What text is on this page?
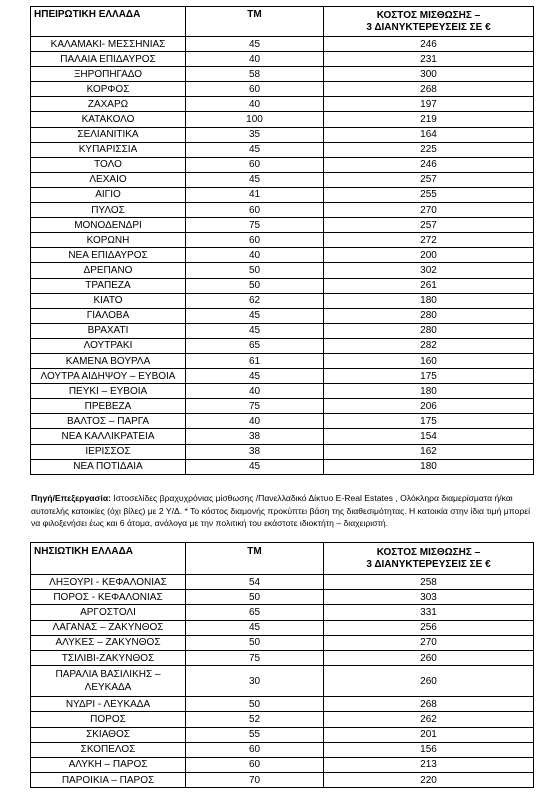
ΗΠΕΙΡΩΤΙΚΗ ΕΛΛΑΔΑ	ΤΜ	ΚΟΣΤΟΣ ΜΙΣΘΩΣΗΣ –
3 ΔΙΑΝΥΚΤΕΡΕΥΣΕΙΣ ΣΕ €
ΚΑΛΑΜΑΚΙ- ΜΕΣΣΗΝΙΑΣ	45	246
ΠΑΛΑΙΑ ΕΠΙΔΑΥΡΟΣ	40	231
ΞΗΡΟΠΗΓΑΔΟ	58	300
ΚΟΡΦΟΣ	60	268
ΖΑΧΑΡΩ	40	197
ΚΑΤΑΚΟΛΟ	100	219
ΣΕΛΙΑΝΙΤΙΚΑ	35	164
ΚΥΠΑΡΙΣΣΙΑ	45	225
ΤΟΛΟ	60	246
ΛΕΧΑΙΟ	45	257
ΑΙΓΙΟ	41	255
ΠΥΛΟΣ	60	270
ΜΟΝΟΔΕΝΔΡΙ	75	257
ΚΟΡΩΝΗ	60	272
ΝΕΑ ΕΠΙΔΑΥΡΟΣ	40	200
ΔΡΕΠΑΝΟ	50	302
ΤΡΑΠΕΖΑ	50	261
ΚΙΑΤΟ	62	180
ΓΙΑΛΟΒΑ	45	280
ΒΡΑΧΑΤΙ	45	280
ΛΟΥΤΡΑΚΙ	65	282
ΚΑΜΕΝΑ ΒΟΥΡΛΑ	61	160
ΛΟΥΤΡΑ ΑΙΔΗΨΟΥ – ΕΥΒΟΙΑ	45	175
ΠΕΥΚΙ – ΕΥΒΟΙΑ	40	180
ΠΡΕΒΕΖΑ	75	206
ΒΑΛΤΟΣ – ΠΑΡΓΑ	40	175
ΝΕΑ ΚΑΛΛΙΚΡΑΤΕΙΑ	38	154
ΙΕΡΙΣΣΟΣ	38	162
ΝΕΑ ΠΟΤΙΔΑΙΑ	45	180
Πηγή/Επεξεργασία: Ιστοσελίδες βραχυχρόνιας μίσθωσης /Πανελλαδικό Δίκτυο E-Real Estates , Ολόκληρα διαμερίσματα ή/και αυτοτελής κατοικίες (όχι βίλες) με 2 Υ/Δ. * Το κόστος διαμονής προκύπτει βάση της διαθεσιμότητας. Η κατοικία στην ίδια τιμή μπορεί να φιλοξενήσει έως και 6 άτομα, ανάλογα με την πολιτική του εκάστοτε ιδιοκτήτη – διαχειριστή.
ΝΗΣΙΩΤΙΚΗ ΕΛΛΑΔΑ	ΤΜ	ΚΟΣΤΟΣ ΜΙΣΘΩΣΗΣ –
3 ΔΙΑΝΥΚΤΕΡΕΥΣΕΙΣ ΣΕ €
ΛΗΞΟΥΡΙ - ΚΕΦΑΛΟΝΙΑΣ	54	258
ΠΟΡΟΣ - ΚΕΦΑΛΟΝΙΑΣ	50	303
ΑΡΓΟΣΤΟΛΙ	65	331
ΛΑΓΑΝΑΣ – ΖΑΚΥΝΘΟΣ	45	256
ΑΛΥΚΕΣ – ΖΑΚΥΝΘΟΣ	50	270
ΤΣΙΛΙΒΙ-ΖΑΚΥΝΘΟΣ	75	260
ΠΑΡΑΛΙΑ ΒΑΣΙΛΙΚΗΣ – ΛΕΥΚΑΔΑ	30	260
ΝΥΔΡΙ - ΛΕΥΚΑΔΑ	50	268
ΠΟΡΟΣ	52	262
ΣΚΙΑΘΟΣ	55	201
ΣΚΟΠΕΛΟΣ	60	156
ΑΛΥΚΗ – ΠΑΡΟΣ	60	213
ΠΑΡΟΙΚΙΑ – ΠΑΡΟΣ	70	220
